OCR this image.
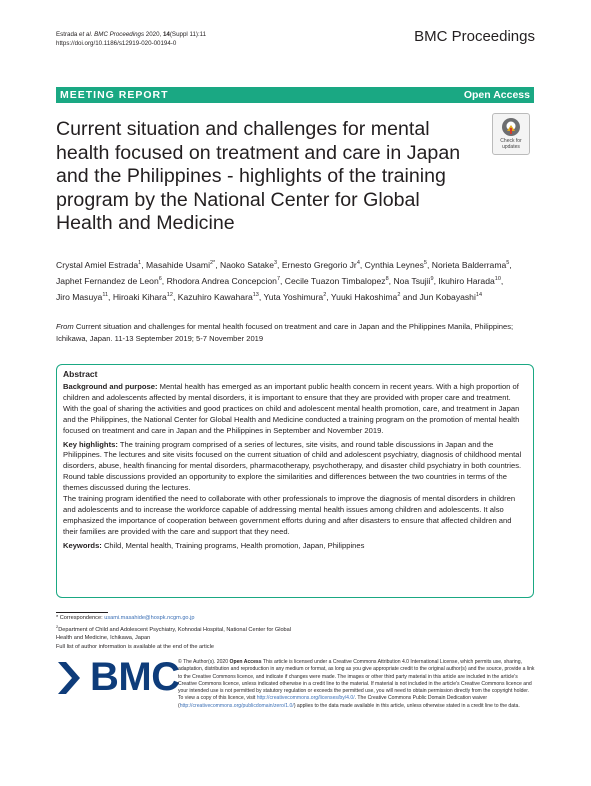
Estrada et al. BMC Proceedings 2020, 14(Suppl 11):11
https://doi.org/10.1186/s12919-020-00194-0	BMC Proceedings
MEETING REPORT	Open Access
Current situation and challenges for mental health focused on treatment and care in Japan and the Philippines - highlights of the training program by the National Center for Global Health and Medicine
Check for
updates
Crystal Amiel Estrada$^1$, Masahide Usami$^{2*}$, Naoko Satake$^3$, Ernesto Gregorio Jr$^4$, Cynthia Leynes$^5$, Norieta Balderrama$^5$, Japhet Fernandez de Leon$^6$, Rhodora Andrea Concepcion$^7$, Cecile Tuazon Timbalopez$^8$, Noa Tsujii$^9$, Ikuhiro Harada$^{10}$, Jiro Masuya$^{11}$, Hiroaki Kihara$^{12}$, Kazuhiro Kawahara$^{13}$, Yuta Yoshimura$^2$, Yuuki Hakoshima$^2$ and Jun Kobayashi$^{14}$
From Current situation and challenges for mental health focused on treatment and care in Japan and the Philippines Manila, Philippines; Ichikawa, Japan. 11-13 September 2019; 5-7 November 2019
Abstract

Background and purpose: Mental health has emerged as an important public health concern in recent years. With a high proportion of children and adolescents affected by mental disorders, it is important to ensure that they are provided with proper care and treatment. With the goal of sharing the activities and good practices on child and adolescent mental health promotion, care, and treatment in Japan and the Philippines, the National Center for Global Health and Medicine conducted a training program on the promotion of mental health focused on treatment and care in Japan and the Philippines in September and November 2019.

Key highlights: The training program comprised of a series of lectures, site visits, and round table discussions in Japan and the Philippines. The lectures and site visits focused on the current situation of child and adolescent psychiatry, diagnosis of childhood mental disorders, abuse, health financing for mental disorders, pharmacotherapy, psychotherapy, and disaster child psychiatry in both countries. Round table discussions provided an opportunity to explore the similarities and differences between the two countries in terms of the themes discussed during the lectures.

The training program identified the need to collaborate with other professionals to improve the diagnosis of mental disorders in children and adolescents and to increase the workforce capable of addressing mental health issues among children and adolescents. It also emphasized the importance of cooperation between government efforts during and after disasters to ensure that affected children and their families are provided with the care and support that they need.

Keywords: Child, Mental health, Training programs, Health promotion, Japan, Philippines

* Correspondence: usami.masahide@hospk.ncgm.go.jp
$^2$Department of Child and Adolescent Psychiatry, Kohnodai Hospital, National Center for Global Health and Medicine, Ichikawa, Japan
Full list of author information is available at the end of the article
BMC
© The Author(s). 2020 Open Access This article is licensed under a Creative Commons Attribution 4.0 International License, which permits use, sharing, adaptation, distribution and reproduction in any medium or format, as long as you give appropriate credit to the original author(s) and the source, provide a link to the Creative Commons licence, and indicate if changes were made. The images or other third party material in this article are included in the article's Creative Commons licence, unless indicated otherwise in a credit line to the material. If material is not included in the article's Creative Commons licence and your intended use is not permitted by statutory regulation or exceeds the permitted use, you will need to obtain permission directly from the copyright holder. To view a copy of this licence, visit http://creativecommons.org/licenses/by/4.0/. The Creative Commons Public Domain Dedication waiver (http://creativecommons.org/publicdomain/zero/1.0/) applies to the data made available in this article, unless otherwise stated in a credit line to the data.
